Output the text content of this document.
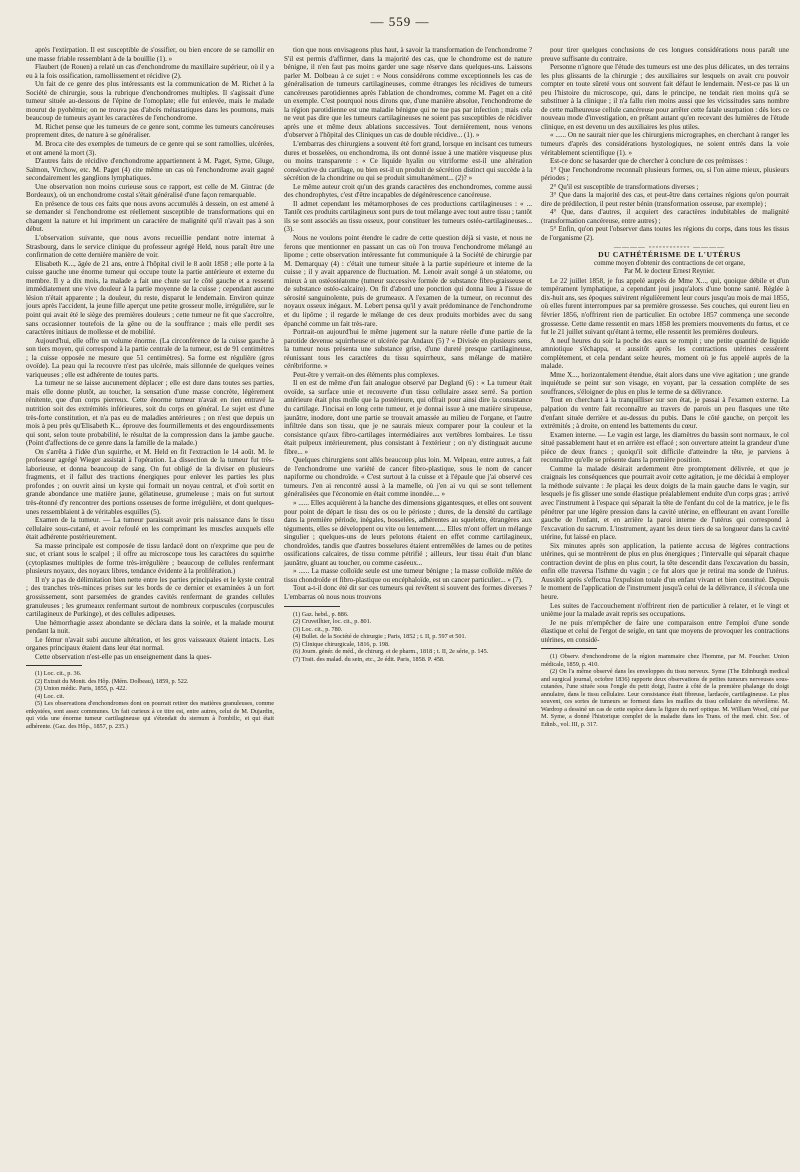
— 559 —

après l'extirpation. Il est susceptible de s'ossifier, ou bien encore de se ramollir en une masse friable ressemblant à de la bouillie (1). »

Flaubert (de Rouen) a relaté un cas d'enchondrome du maxillaire supérieur, où il y a eu à la fois ossification, ramollissement et récidive (2).

Un fait de ce genre des plus intéressants est la communication de M. Richet à la Société de chirurgie, sous la rubrique d'enchondromes multiples. Il s'agissait d'une tumeur située au-dessous de l'épine de l'omoplate; elle fut enlevée, mais le malade mourut de pyohémie; on ne trouva pas d'abcès métastatiques dans les poumons, mais beaucoup de tumeurs ayant les caractères de l'enchondrome.

M. Richet pense que les tumeurs de ce genre sont, comme les tumeurs cancéreuses proprement dites, de nature à se généraliser.

M. Broca cite des exemples de tumeurs de ce genre qui se sont ramollies, ulcérées, et ont amené la mort (3).

D'autres faits de récidive d'enchondrome appartiennent à M. Paget, Syme, Gluge, Salmon, Virchow, etc. M. Paget (4) cite même un cas où l'enchondrome avait gagné secondairement les ganglions lymphatiques.

Une observation non moins curieuse sous ce rapport, est celle de M. Gintrac (de Bordeaux), où un enchondrome costal s'était généralisé d'une façon remarquable.

En présence de tous ces faits que nous avons accumulés à dessein, on est amené à se demander si l'enchondrome est réellement susceptible de transformations qui en changent la nature et lui impriment un caractère de malignité qu'il n'avait pas à son début.

L'observation suivante, que nous avons recueillie pendant notre internat à Strasbourg, dans le service clinique du professeur agrégé Held, nous paraît être une confirmation de cette dernière manière de voir.

Elisabeth K..., âgée de 21 ans, entre à l'hôpital civil le 8 août 1858 ; elle porte à la cuisse gauche une énorme tumeur qui occupe toute la partie antérieure et externe du membre. Il y a dix mois, la malade a fait une chute sur le côté gauche et a ressenti immédiatement une vive douleur à la partie moyenne de la cuisse ; cependant aucune lésion n'était apparente ; la douleur, du reste, disparut le lendemain. Environ quinze jours après l'accident, la jeune fille aperçut une petite grosseur molle, irrégulière, sur le point qui avait été le siège des premières douleurs ; cette tumeur ne fit que s'accroître, sans occasionner toutefois de la gêne ou de la souffrance ; mais elle perdit ses caractères initiaux de mollesse et de mobilité.

Aujourd'hui, elle offre un volume énorme. (La circonférence de la cuisse gauche à son tiers moyen, qui correspond à la partie centrale de la tumeur, est de 91 centimètres ; la cuisse opposée ne mesure que 51 centimètres). Sa forme est régulière (gros ovoïde). La peau qui la recouvre n'est pas ulcérée, mais sillonnée de quelques veines variqueuses ; elle est adhérente de toutes parts.

La tumeur ne se laisse aucunement déplacer ; elle est dure dans toutes ses parties, mais elle donne plutôt, au toucher, la sensation d'une masse concrète, légèrement rénitente, que d'un corps pierreux. Cette énorme tumeur n'avait en rien entravé la nutrition soit des extrémités inférieures, soit du corps en général. Le sujet est d'une très-forte constitution, et n'a pas eu de maladies antérieures ; on n'est que depuis un mois à peu près qu'Elisabeth K... éprouve des fourmillements et des engourdissements qui sont, selon toute probabilité, le résultat de la compression dans la jambe gauche. (Point d'affections de ce genre dans la famille de la malade.)

On s'arrêta à l'idée d'un squirrhe, et M. Held en fit l'extraction le 14 août. M. le professeur agrégé Wieger assistait à l'opération. La dissection de la tumeur fut très-laborieuse, et donna beaucoup de sang. On fut obligé de la diviser en plusieurs fragments, et il fallut des tractions énergiques pour enlever les parties les plus profondes ; on ouvrit ainsi un kyste qui formait un noyau central, et d'où sortit en grande abondance une matière jaune, gélatineuse, grumeleuse ; mais on fut surtout très-étonné d'y rencontrer des portions osseuses de forme irrégulière, et dont quelques-unes ressemblaient à de véritables esquilles (5).

Examen de la tumeur. — La tumeur paraissait avoir pris naissance dans le tissu cellulaire sous-cutané, et avoir refoulé en les comprimant les muscles auxquels elle était adhérente postérieurement.

Sa masse principale est composée de tissu lardacé dont on n'exprime que peu de suc, et criant sous le scalpel ; il offre au microscope tous les caractères du squirrhe (cytoplasmes multiples de forme très-irrégulière ; beaucoup de cellules renfermant plusieurs noyaux, des noyaux libres, tendance évidente à la prolifération.)

Il n'y a pas de délimitation bien nette entre les parties principales et le kyste central ; des tranches très-minces prises sur les bords de ce dernier et examinées à un fort grossissement, sont parsemées de grandes cavités renfermant de grandes cellules granuleuses ; les grumeaux renfermant surtout de nombreux corpuscules (corpuscules cartilagineux de Purkinge), et des cellules adipeuses.

Une hémorrhagie assez abondante se déclara dans la soirée, et la malade mourut pendant la nuit.

Le fémur n'avait subi aucune altération, et les gros vaisseaux étaient intacts. Les organes principaux étaient dans leur état normal.

Cette observation n'est-elle pas un enseignement dans la ques-

(1) Loc. cit., p. 36.

(2) Extrait du Monit. des Hôp. (Mém. Dolbeau), 1859, p. 522.

(3) Union médic. Paris, 1855, p. 422.

(4) Loc. cit.

(5) Les observations d'enchondromes dont on pourrait retirer des matières granuleuses, comme enkystées, sont assez communes. Un fait curieux à ce titre est, entre autres, celui de M. Dujardin, qui vida une énorme tumeur cartilagineuse qui s'étendait du sternum à l'ombilic, et qui était adhérente. (Gaz. des Hôp., 1857, p. 235.)

tion que nous envisageons plus haut, à savoir la transformation de l'enchondrome ? S'il est permis d'affirmer, dans la majorité des cas, que le chondrome est de nature bénigne, il n'en faut pas moins garder une sage réserve dans quelques-uns. Laissons parler M. Dolbeau à ce sujet : « Nous considérons comme exceptionnels les cas de généralisation de tumeurs cartilagineuses, comme étranges les récidives de tumeurs cancéreuses parotidiennes après l'ablation de chondromes, comme M. Paget en a cité un exemple. C'est pourquoi nous dirons que, d'une manière absolue, l'enchondrome de la région parotidienne est une maladie bénigne qui ne tue pas par infection ; mais cela ne veut pas dire que les tumeurs cartilagineuses ne soient pas susceptibles de récidiver après une et même deux ablations successives. Tout dernièrement, nous venons d'observer à l'hôpital des Cliniques un cas de double récidive... (1). »

L'embarras des chirurgiens a souvent été fort grand, lorsque en incisant ces tumeurs dures et bosselées, ou enchondroma, ils ont donné issue à une matière visqueuse plus ou moins transparente : « Ce liquide hyalin ou vitriforme est-il une altération consécutive du cartilage, ou bien est-il un produit de sécrétion distinct qui succède à la sécrétion de la chondrine ou qui se produit simultanément... (2)? »

Le même auteur croit qu'un des grands caractères des enchondromes, comme aussi des chondrophytes, c'est d'être incapables de dégénérescence cancéreuse.

Il admet cependant les métamorphoses de ces productions cartilagineuses : « ... Tantôt ces produits cartilagineux sont purs de tout mélange avec tout autre tissu ; tantôt ils se sont associés au tissu osseux, pour constituer les tumeurs ostéo-cartilagineuses... (3).

Nous ne voulons point étendre le cadre de cette question déjà si vaste, et nous ne ferons que mentionner en passant un cas où l'on trouva l'enchondrome mélangé au lipome ; cette observation intéressante fut communiquée à la Société de chirurgie par M. Demarquay (4) : c'était une tumeur située à la partie supérieure et interne de la cuisse ; il y avait apparence de fluctuation. M. Lenoir avait songé à un stéatome, ou mieux à un ostéostéatome (tumeur successive formée de substance fibro-graisseuse et de substance ostéo-calcaire). On fit d'abord une ponction qui donna lieu à l'issue de sérosité sanguinolente, puis de grumeaux. A l'examen de la tumeur, on reconnut des noyaux osseux inégaux. M. Lebert pensa qu'il y avait prédominance de l'enchondrome et du lipôme ; il regarde le mélange de ces deux produits morbides avec du sang épanché comme un fait très-rare.

Portrait-on aujourd'hui le même jugement sur la nature réelle d'une partie de la parotide devenue squirrheuse et ulcérée par Andaux (5) ? « Divisée en plusieurs sens, la tumeur nous présenta une substance grise, d'une dureté presque cartilagineuse, réunissant tous les caractères du tissu squirrheux, sans mélange de matière cérébriforme. »

Peut-être y verrait-on des éléments plus complexes.

Il en est de même d'un fait analogue observé par Degland (6) : « La tumeur était ovoïde, sa surface unie et recouverte d'un tissu cellulaire assez serré. Sa portion antérieure était plus molle que la postérieure, qui offrait pour ainsi dire la consistance du cartilage. J'incisai en long cette tumeur, et je donnai issue à une matière sirupeuse, jaunâtre, inodore, dont une partie se trouvait amassée au milieu de l'organe, et l'autre infiltrée dans son tissu, que je ne saurais mieux comparer pour la couleur et la consistance qu'aux fibro-cartilages intermédiaires aux vertèbres lombaires. Le tissu était pulpeux intérieurement, plus consistant à l'extérieur ; on n'y distinguait aucune fibre... »

Quelques chirurgiens sont allés beaucoup plus loin. M. Velpeau, entre autres, a fait de l'enchondrome une variété de cancer fibro-plastique, sous le nom de cancer napiforme ou chondroïde. « C'est surtout à la cuisse et à l'épaule que j'ai observé ces tumeurs. J'en ai rencontré aussi à la mamelle, où j'en ai vu qui se sont tellement généralisées que l'économie en était comme inondée.... »

» ...... Elles acquièrent à la hanche des dimensions gigantesques, et elles ont souvent pour point de départ le tissu des os ou le périoste ; dures, de la densité du cartilage dans la première période, inégales, bosselées, adhérentes au squelette, étrangères aux téguments, elles se développent ou vite ou lentement...... Elles m'ont offert un mélange singulier ; quelques-uns de leurs pelotons étaient en effet comme cartilagineux, chondroïdes, tandis que d'autres bosselures étaient entremêlées de lames ou de petites ossifications calcaires, de tissu comme pétrifié ; ailleurs, leur tissu était d'un blanc jaunâtre, gluant au toucher, ou comme caséeux...

» ...... La masse colloïde seule est une tumeur bénigne ; la masse colloïde mêlée de tissu chondroïde et fibro-plastique ou encéphaloïde, est un cancer particulier... » (7).

Tout a-t-il donc été dit sur ces tumeurs qui revêtent si souvent des formes diverses ? L'embarras où nous nous trouvons

(1) Gaz. hebd., p. 886.

(2) Cruveilhier, loc. cit., p. 801.

(3) Loc. cit., p. 780.

(4) Bullet. de la Société de chirurgie ; Paris, 1852 ; t. II, p. 597 et 501.

(5) Clinique chirurgicale, 1816, p. 198.

(6) Journ. génér. de méd., de chirurg. et de pharm., 1818 ; t. II, 2e série, p. 145.

(7) Trait. des malad. du sein, etc., 2e édit. Paris, 1858. P. 458.

pour tirer quelques conclusions de ces longues considérations nous paraît une preuve suffisante du contraire.

Personne n'ignore que l'étude des tumeurs est une des plus délicates, un des terrains les plus glissants de la chirurgie ; des auxiliaires sur lesquels on avait cru pouvoir compter en toute sûreté vous ont souvent fait défaut le lendemain. N'est-ce pas là un peu l'histoire du microscope, qui, dans le principe, ne tendait rien moins qu'à se substituer à la clinique ; il n'a fallu rien moins aussi que les vicissitudes sans nombre de cette malheureuse cellule cancéreuse pour arrêter cette fatale usurpation : dès lors ce nouveau mode d'investigation, en prêtant autant qu'en recevant des lumières de l'étude clinique, en est devenu un des auxiliaires les plus utiles.

« ...... On ne saurait nier que les chirurgiens micrographes, en cherchant à ranger les tumeurs d'après des considérations hystologiques, ne soient entrés dans la voie véritablement scientifique (1). »

Est-ce donc se hasarder que de chercher à conclure de ces prémisses :

1° Que l'enchondrome reconnaît plusieurs formes, ou, si l'on aime mieux, plusieurs périodes ;

2° Qu'il est susceptible de transformations diverses ;

3° Que dans la majorité des cas, et peut-être dans certaines régions qu'on pourrait dire de prédilection, il peut rester bénin (transformation osseuse, par exemple) ;

4° Que, dans d'autres, il acquiert des caractères indubitables de malignité (transformation cancéreuse, entre autres) ;

5° Enfin, qu'on peut l'observer dans toutes les régions du corps, dans tous les tissus de l'organisme (2).

———— ◦◦◦◦◦◦◦◦◦◦◦◦ ————

DU CATHÉTÉRISME DE L'UTÉRUS

comme moyen d'obtenir des contractions de cet organe,

Par M. le docteur Ernest Reynier.

Le 22 juillet 1858, je fus appelé auprès de Mme X..., qui, quoique débile et d'un tempérament lymphatique, a cependant joui jusqu'alors d'une bonne santé. Réglée à dix-huit ans, ses époques suivirent régulièrement leur cours jusqu'au mois de mai 1855, où elles furent interrompues par sa première grossesse. Ses couches, qui eurent lieu en février 1856, n'offrirent rien de particulier. En octobre 1857 commença une seconde grossesse. Cette dame ressentit en mars 1858 les premiers mouvements du fœtus, et ce fut le 21 juillet suivant qu'étant à terme, elle ressentit les premières douleurs.

A neuf heures du soir la poche des eaux se rompit ; une petite quantité de liquide amniotique s'échappa, et aussitôt après les contractions utérines cessèrent complètement, et cela pendant seize heures, moment où je fus appelé auprès de la malade.

Mme X..., horizontalement étendue, était alors dans une vive agitation ; une grande inquiétude se peint sur son visage, en voyant, par la cessation complète de ses souffrances, s'éloigner de plus en plus le terme de sa délivrance.

Tout en cherchant à la tranquilliser sur son état, je passai à l'examen externe. La palpation du ventre fait reconnaître au travers de parois un peu flasques une tête d'enfant située derrière et au-dessus du pubis. Dans le côté gauche, on perçoit les extrémités ; à droite, on entend les battements du cœur.

Examen interne. — Le vagin est large, les diamètres du bassin sont normaux, le col situé passablement haut et en arrière est effacé ; son ouverture atteint la grandeur d'une pièce de deux francs ; quoiqu'il soit difficile d'atteindre la tête, je parviens à reconnaître qu'elle se présente dans la première position.

Comme la malade désirait ardemment être promptement délivrée, et que je craignais les conséquences que pourrait avoir cette agitation, je me décidai à employer la méthode suivante : Je plaçai les deux doigts de la main gauche dans le vagin, sur lesquels je fis glisser une sonde élastique préalablement enduite d'un corps gras ; arrivé avec l'instrument à l'espace qui séparait la tête de l'enfant du col de la matrice, je le fis pénétrer par une légère pression dans la cavité utérine, en effleurant en avant l'oreille gauche de l'enfant, et en arrière la paroi interne de l'utérus qui correspond à l'excavation du sacrum. L'instrument, ayant les deux tiers de sa longueur dans la cavité utérine, fut laissé en place.

Six minutes après son application, la patiente accusa de légères contractions utérines, qui se montrèrent de plus en plus énergiques ; l'intervalle qui séparait chaque contraction devint de plus en plus court, la tête descendit dans l'excavation du bassin, enfin elle traversa l'isthme du vagin ; ce fut alors que je retirai ma sonde de l'utérus. Aussitôt après s'effectua l'expulsion totale d'un enfant vivant et bien constitué. Depuis le moment de l'application de l'instrument jusqu'à celui de la délivrance, il s'écoula une heure.

Les suites de l'accouchement n'offrirent rien de particulier à relater, et le vingt et unième jour la malade avait repris ses occupations.

Je ne puis m'empêcher de faire une comparaison entre l'emploi d'une sonde élastique et celui de l'ergot de seigle, en tant que moyens de provoquer les contractions utérines, en considé-

(1) Observ. d'enchondrome de la région mammaire chez l'homme, par M. Foucher. Union médicale, 1859, p. 410.

(2) On l'a même observé dans les enveloppes du tissu nerveux. Syme (The Edinburgh medical and surgical journal, octobre 1836) rapporte deux observations de petites tumeurs nerveuses sous-cutanées, l'une située sous l'ongle du petit doigt, l'autre à côté de la première phalange du doigt annulaire, dans le tissu cellulaire. Leur consistance était fibreuse, lardacée, cartilagineuse. Le plus souvent, ces sortes de tumeurs se formeut dans les mailles du tissu cellulaire du névrilème. M. Wardrop a dessiné un cas de cette espèce dans la figure du nerf optique. M. William Wood, cité par M. Syme, a donné l'historique complet de la maladie dans les Trans. of the med. chir. Soc. of Edinb., vol. III, p. 317.
